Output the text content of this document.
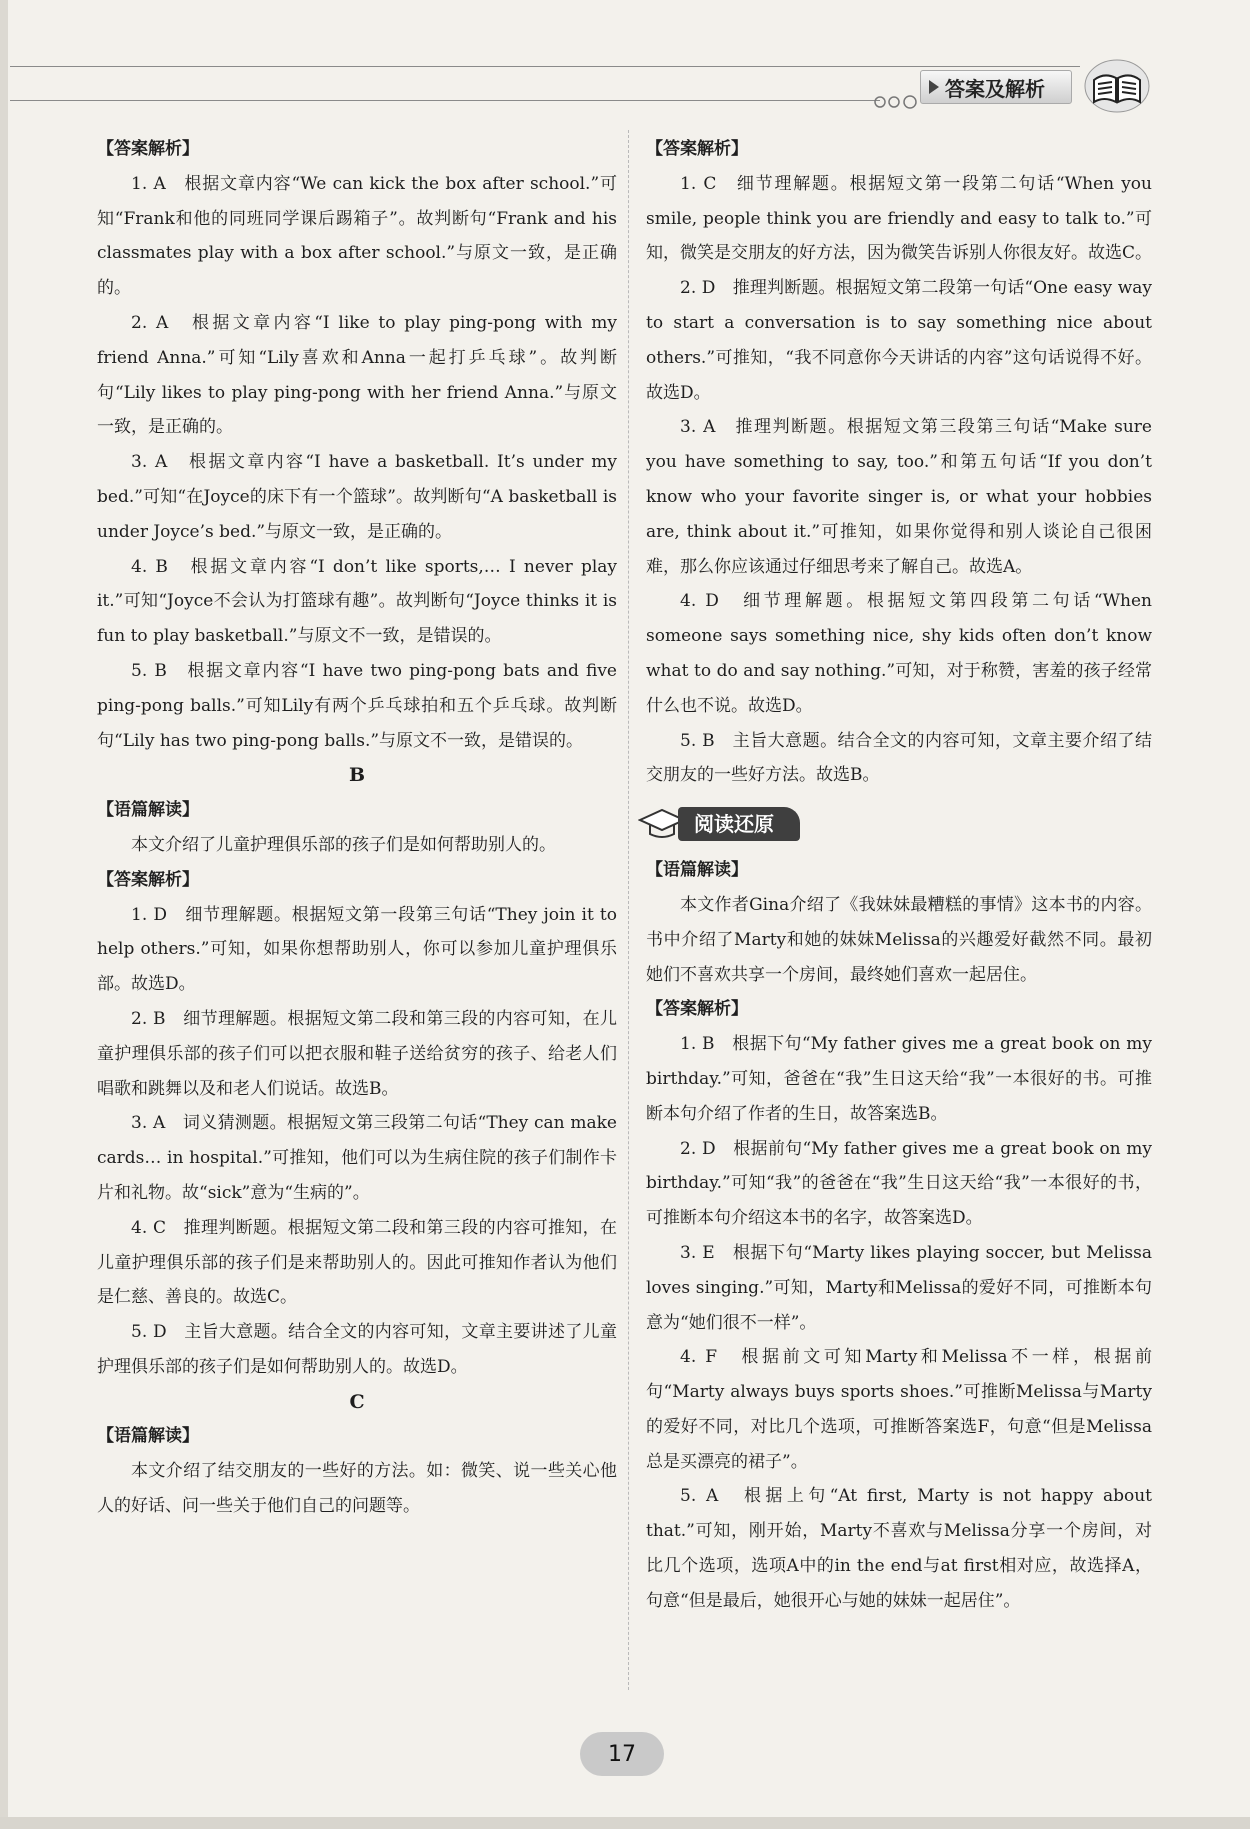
答案及解析
【答案解析】

1. A　根据文章内容“We can kick the box after school.”可知“Frank和他的同班同学课后踢箱子”。故判断句“Frank and his classmates play with a box after school.”与原文一致，是正确的。

2. A　根据文章内容“I like to play ping-pong with my friend Anna.”可知“Lily喜欢和Anna一起打乒乓球”。故判断句“Lily likes to play ping-pong with her friend Anna.”与原文一致，是正确的。

3. A　根据文章内容“I have a basketball. It’s under my bed.”可知“在Joyce的床下有一个篮球”。故判断句“A basketball is under Joyce’s bed.”与原文一致，是正确的。

4. B　根据文章内容“I don’t like sports,… I never play it.”可知“Joyce不会认为打篮球有趣”。故判断句“Joyce thinks it is fun to play basketball.”与原文不一致，是错误的。

5. B　根据文章内容“I have two ping-pong bats and five ping-pong balls.”可知Lily有两个乒乓球拍和五个乒乓球。故判断句“Lily has two ping-pong balls.”与原文不一致，是错误的。

B
【语篇解读】

本文介绍了儿童护理俱乐部的孩子们是如何帮助别人的。

【答案解析】

1. D　细节理解题。根据短文第一段第三句话“They join it to help others.”可知，如果你想帮助别人，你可以参加儿童护理俱乐部。故选D。

2. B　细节理解题。根据短文第二段和第三段的内容可知，在儿童护理俱乐部的孩子们可以把衣服和鞋子送给贫穷的孩子、给老人们唱歌和跳舞以及和老人们说话。故选B。

3. A　词义猜测题。根据短文第三段第二句话“They can make cards… in hospital.”可推知，他们可以为生病住院的孩子们制作卡片和礼物。故“sick”意为“生病的”。

4. C　推理判断题。根据短文第二段和第三段的内容可推知，在儿童护理俱乐部的孩子们是来帮助别人的。因此可推知作者认为他们是仁慈、善良的。故选C。

5. D　主旨大意题。结合全文的内容可知，文章主要讲述了儿童护理俱乐部的孩子们是如何帮助别人的。故选D。

C
【语篇解读】

本文介绍了结交朋友的一些好的方法。如：微笑、说一些关心他人的好话、问一些关于他们自己的问题等。

【答案解析】

1. C　细节理解题。根据短文第一段第二句话“When you smile, people think you are friendly and easy to talk to.”可知，微笑是交朋友的好方法，因为微笑告诉别人你很友好。故选C。

2. D　推理判断题。根据短文第二段第一句话“One easy way to start a conversation is to say something nice about others.”可推知，“我不同意你今天讲话的内容”这句话说得不好。故选D。

3. A　推理判断题。根据短文第三段第三句话“Make sure you have something to say, too.”和第五句话“If you don’t know who your favorite singer is, or what your hobbies are, think about it.”可推知，如果你觉得和别人谈论自己很困难，那么你应该通过仔细思考来了解自己。故选A。

4. D　细节理解题。根据短文第四段第二句话“When someone says something nice, shy kids often don’t know what to do and say nothing.”可知，对于称赞，害羞的孩子经常什么也不说。故选D。

5. B　主旨大意题。结合全文的内容可知，文章主要介绍了结交朋友的一些好方法。故选B。

阅读还原
【语篇解读】

本文作者Gina介绍了《我妹妹最糟糕的事情》这本书的内容。书中介绍了Marty和她的妹妹Melissa的兴趣爱好截然不同。最初她们不喜欢共享一个房间，最终她们喜欢一起居住。

【答案解析】

1. B　根据下句“My father gives me a great book on my birthday.”可知，爸爸在“我”生日这天给“我”一本很好的书。可推断本句介绍了作者的生日，故答案选B。

2. D　根据前句“My father gives me a great book on my birthday.”可知“我”的爸爸在“我”生日这天给“我”一本很好的书，可推断本句介绍这本书的名字，故答案选D。

3. E　根据下句“Marty likes playing soccer, but Melissa loves singing.”可知，Marty和Melissa的爱好不同，可推断本句意为“她们很不一样”。

4. F　根据前文可知Marty和Melissa不一样，根据前句“Marty always buys sports shoes.”可推断Melissa与Marty的爱好不同，对比几个选项，可推断答案选F，句意“但是Melissa总是买漂亮的裙子”。

5. A　根据上句“At first, Marty is not happy about that.”可知，刚开始，Marty不喜欢与Melissa分享一个房间，对比几个选项，选项A中的in the end与at first相对应，故选择A，句意“但是最后，她很开心与她的妹妹一起居住”。

17
